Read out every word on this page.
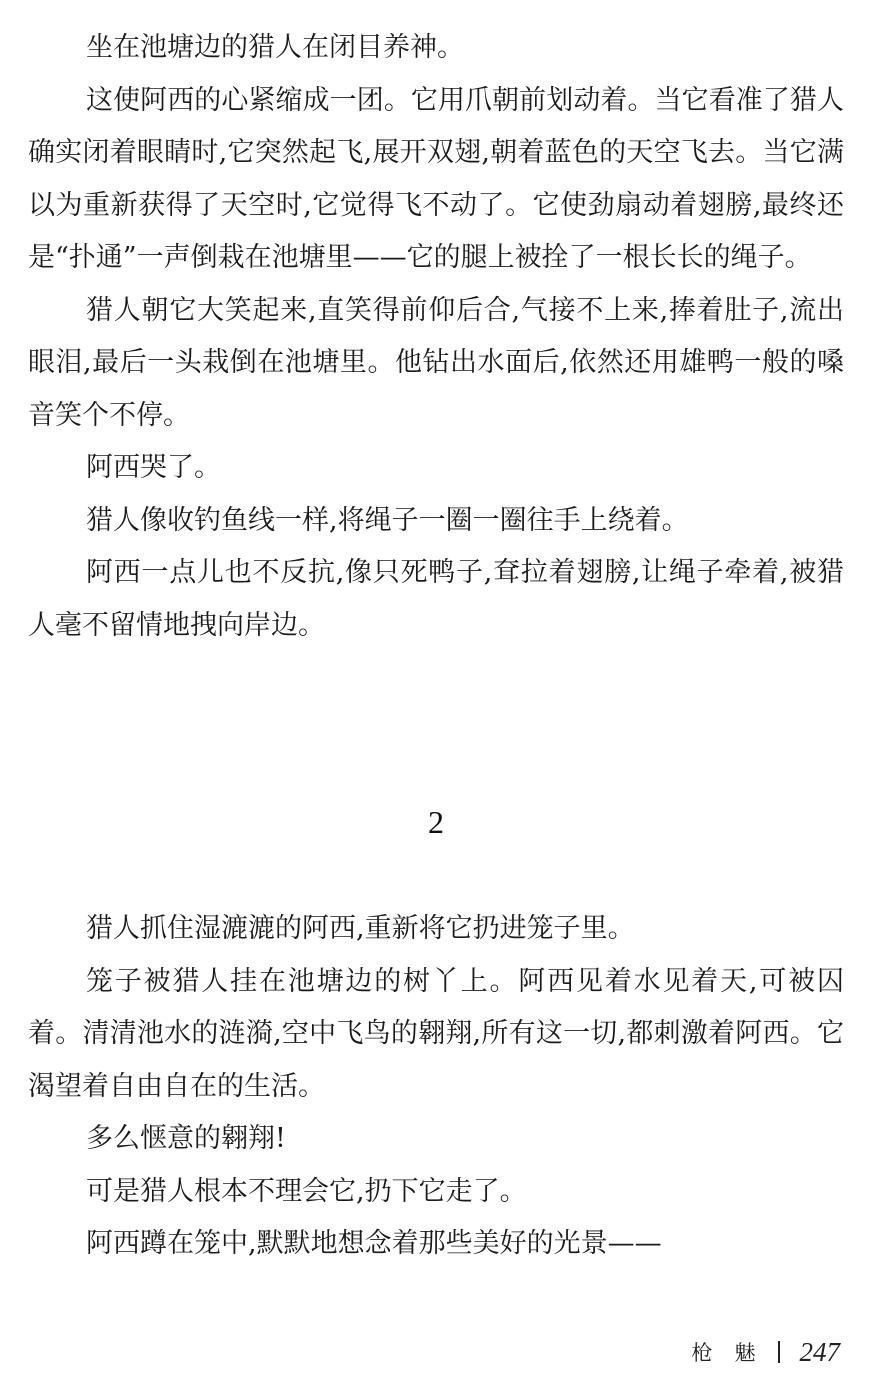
坐在池塘边的猎人在闭目养神。

这使阿西的心紧缩成一团。它用爪朝前划动着。当它看准了猎人确实闭着眼睛时,它突然起飞,展开双翅,朝着蓝色的天空飞去。当它满以为重新获得了天空时,它觉得飞不动了。它使劲扇动着翅膀,最终还是“扑通”一声倒栽在池塘里——它的腿上被拴了一根长长的绳子。

猎人朝它大笑起来,直笑得前仰后合,气接不上来,捧着肚子,流出眼泪,最后一头栽倒在池塘里。他钻出水面后,依然还用雄鸭一般的嗓音笑个不停。

阿西哭了。

猎人像收钓鱼线一样,将绳子一圈一圈往手上绕着。

阿西一点儿也不反抗,像只死鸭子,耷拉着翅膀,让绳子牵着,被猎人毫不留情地拽向岸边。

2

猎人抓住湿漉漉的阿西,重新将它扔进笼子里。

笼子被猎人挂在池塘边的树丫上。阿西见着水见着天,可被囚着。清清池水的涟漪,空中飞鸟的翱翔,所有这一切,都刺激着阿西。它渴望着自由自在的生活。

多么惬意的翱翔!

可是猎人根本不理会它,扔下它走了。

阿西蹲在笼中,默默地想念着那些美好的光景——

枪魅 247
